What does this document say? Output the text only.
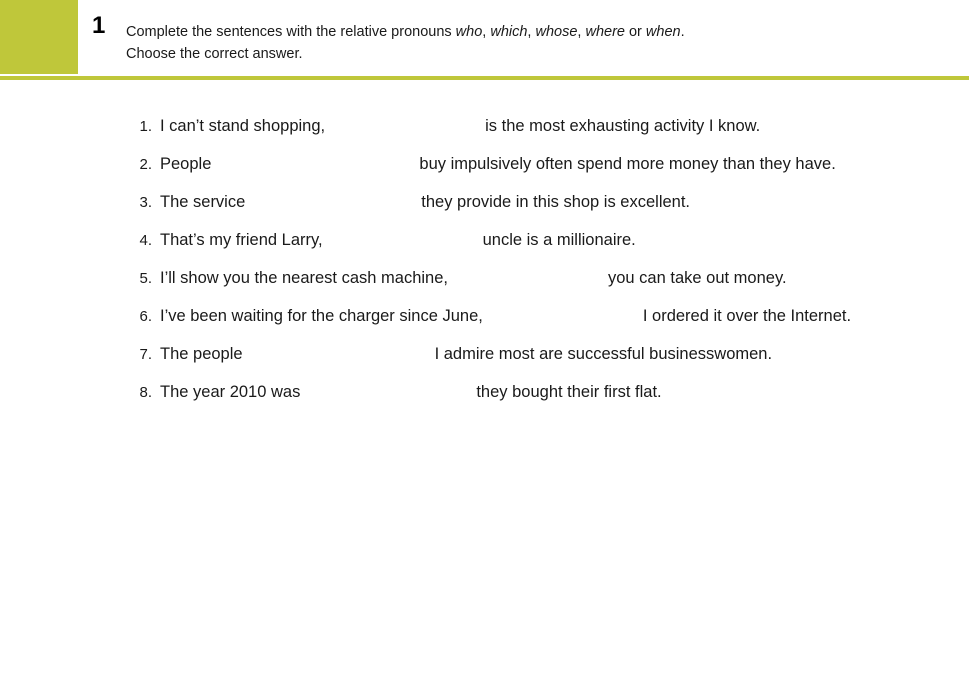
1 Complete the sentences with the relative pronouns who, which, whose, where or when.
Choose the correct answer.
1. I can’t stand shopping,	is the most exhausting activity I know.
2. People	buy impulsively often spend more money than they have.
3. The service	they provide in this shop is excellent.
4. That’s my friend Larry,	uncle is a millionaire.
5. I’ll show you the nearest cash machine,	you can take out money.
6. I’ve been waiting for the charger since June,	I ordered it over the Internet.
7. The people	I admire most are successful businesswomen.
8. The year 2010 was	they bought their first flat.
